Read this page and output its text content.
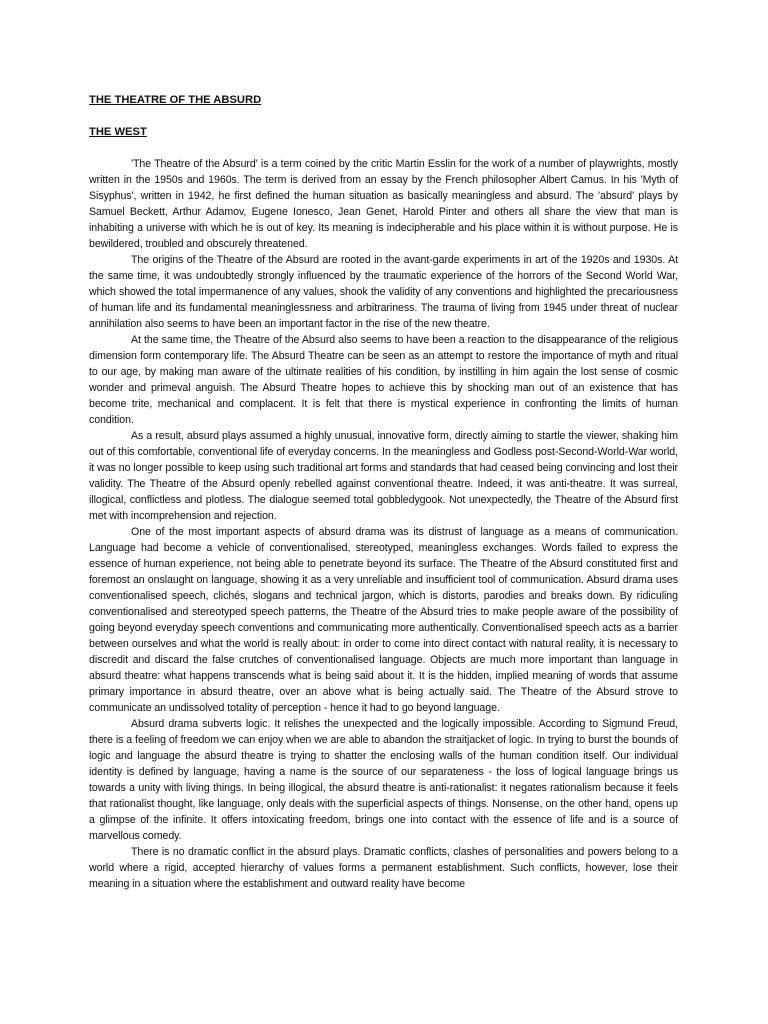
THE THEATRE OF THE ABSURD

THE WEST

'The Theatre of the Absurd' is a term coined by the critic Martin Esslin for the work of a number of playwrights, mostly written in the 1950s and 1960s. The term is derived from an essay by the French philosopher Albert Camus. In his 'Myth of Sisyphus', written in 1942, he first defined the human situation as basically meaningless and absurd. The 'absurd' plays by Samuel Beckett, Arthur Adamov, Eugene Ionesco, Jean Genet, Harold Pinter and others all share the view that man is inhabiting a universe with which he is out of key. Its meaning is indecipherable and his place within it is without purpose. He is bewildered, troubled and obscurely threatened.

The origins of the Theatre of the Absurd are rooted in the avant-garde experiments in art of the 1920s and 1930s. At the same time, it was undoubtedly strongly influenced by the traumatic experience of the horrors of the Second World War, which showed the total impermanence of any values, shook the validity of any conventions and highlighted the precariousness of human life and its fundamental meaninglessness and arbitrariness. The trauma of living from 1945 under threat of nuclear annihilation also seems to have been an important factor in the rise of the new theatre.

At the same time, the Theatre of the Absurd also seems to have been a reaction to the disappearance of the religious dimension form contemporary life. The Absurd Theatre can be seen as an attempt to restore the importance of myth and ritual to our age, by making man aware of the ultimate realities of his condition, by instilling in him again the lost sense of cosmic wonder and primeval anguish. The Absurd Theatre hopes to achieve this by shocking man out of an existence that has become trite, mechanical and complacent. It is felt that there is mystical experience in confronting the limits of human condition.

As a result, absurd plays assumed a highly unusual, innovative form, directly aiming to startle the viewer, shaking him out of this comfortable, conventional life of everyday concerns. In the meaningless and Godless post-Second-World-War world, it was no longer possible to keep using such traditional art forms and standards that had ceased being convincing and lost their validity. The Theatre of the Absurd openly rebelled against conventional theatre. Indeed, it was anti-theatre. It was surreal, illogical, conflictless and plotless. The dialogue seemed total gobbledygook. Not unexpectedly, the Theatre of the Absurd first met with incomprehension and rejection.

One of the most important aspects of absurd drama was its distrust of language as a means of communication. Language had become a vehicle of conventionalised, stereotyped, meaningless exchanges. Words failed to express the essence of human experience, not being able to penetrate beyond its surface. The Theatre of the Absurd constituted first and foremost an onslaught on language, showing it as a very unreliable and insufficient tool of communication. Absurd drama uses conventionalised speech, clichés, slogans and technical jargon, which is distorts, parodies and breaks down. By ridiculing conventionalised and stereotyped speech patterns, the Theatre of the Absurd tries to make people aware of the possibility of going beyond everyday speech conventions and communicating more authentically. Conventionalised speech acts as a barrier between ourselves and what the world is really about: in order to come into direct contact with natural reality, it is necessary to discredit and discard the false crutches of conventionalised language. Objects are much more important than language in absurd theatre: what happens transcends what is being said about it. It is the hidden, implied meaning of words that assume primary importance in absurd theatre, over an above what is being actually said. The Theatre of the Absurd strove to communicate an undissolved totality of perception - hence it had to go beyond language.

Absurd drama subverts logic. It relishes the unexpected and the logically impossible. According to Sigmund Freud, there is a feeling of freedom we can enjoy when we are able to abandon the straitjacket of logic. In trying to burst the bounds of logic and language the absurd theatre is trying to shatter the enclosing walls of the human condition itself. Our individual identity is defined by language, having a name is the source of our separateness - the loss of logical language brings us towards a unity with living things. In being illogical, the absurd theatre is anti-rationalist: it negates rationalism because it feels that rationalist thought, like language, only deals with the superficial aspects of things. Nonsense, on the other hand, opens up a glimpse of the infinite. It offers intoxicating freedom, brings one into contact with the essence of life and is a source of marvellous comedy.

There is no dramatic conflict in the absurd plays. Dramatic conflicts, clashes of personalities and powers belong to a world where a rigid, accepted hierarchy of values forms a permanent establishment. Such conflicts, however, lose their meaning in a situation where the establishment and outward reality have become
